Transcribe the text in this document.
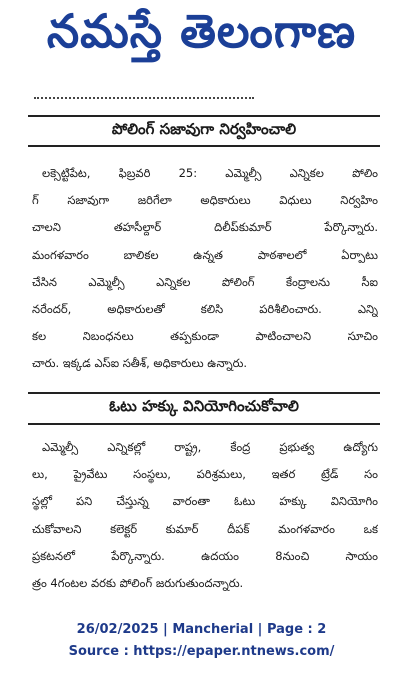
నమస్తే తెలంగాణ
పోలింగ్ సజావుగా నిర్వహించాలి
లక్సెట్టిపేట, ఫిబ్రవరి 25: ఎమ్మెల్సీ ఎన్నికల పోలిం
గ్ సజావుగా జరిగేలా అధికారులు విధులు నిర్వహిం
చాలని తహసీల్దార్ దిలీప్‌కుమార్ పేర్కొన్నారు.
మంగళవారం బాలికల ఉన్నత పాఠశాలలో ఏర్పాటు
చేసిన ఎమ్మెల్సీ ఎన్నికల పోలింగ్ కేంద్రాలను సీఐ
నరేందర్, అధికారులతో కలిసి పరిశీలించారు. ఎన్ని
కల నిబంధనలు తప్పకుండా పాటించాలని సూచిం
చారు. ఇక్కడ ఎస్ఐ సతీశ్, అధికారులు ఉన్నారు.
ఓటు హక్కు వినియోగించుకోవాలి
ఎమ్మెల్సీ ఎన్నికల్లో రాష్ట్ర, కేంద్ర ప్రభుత్వ ఉద్యోగు
లు, ప్రైవేటు సంస్థలు, పరిశ్రమలు, ఇతర ట్రేడ్ సం
స్థల్లో పని చేస్తున్న వారంతా ఓటు హక్కు వినియోగిం
చుకోవాలని కలెక్టర్ కుమార్ దీపక్ మంగళవారం ఒక
ప్రకటనలో పేర్కొన్నారు. ఉదయం 8నుంచి సాయం
త్రం 4గంటల వరకు పోలింగ్ జరుగుతుందన్నారు.
26/02/2025 | Mancherial | Page : 2
Source : https://epaper.ntnews.com/
